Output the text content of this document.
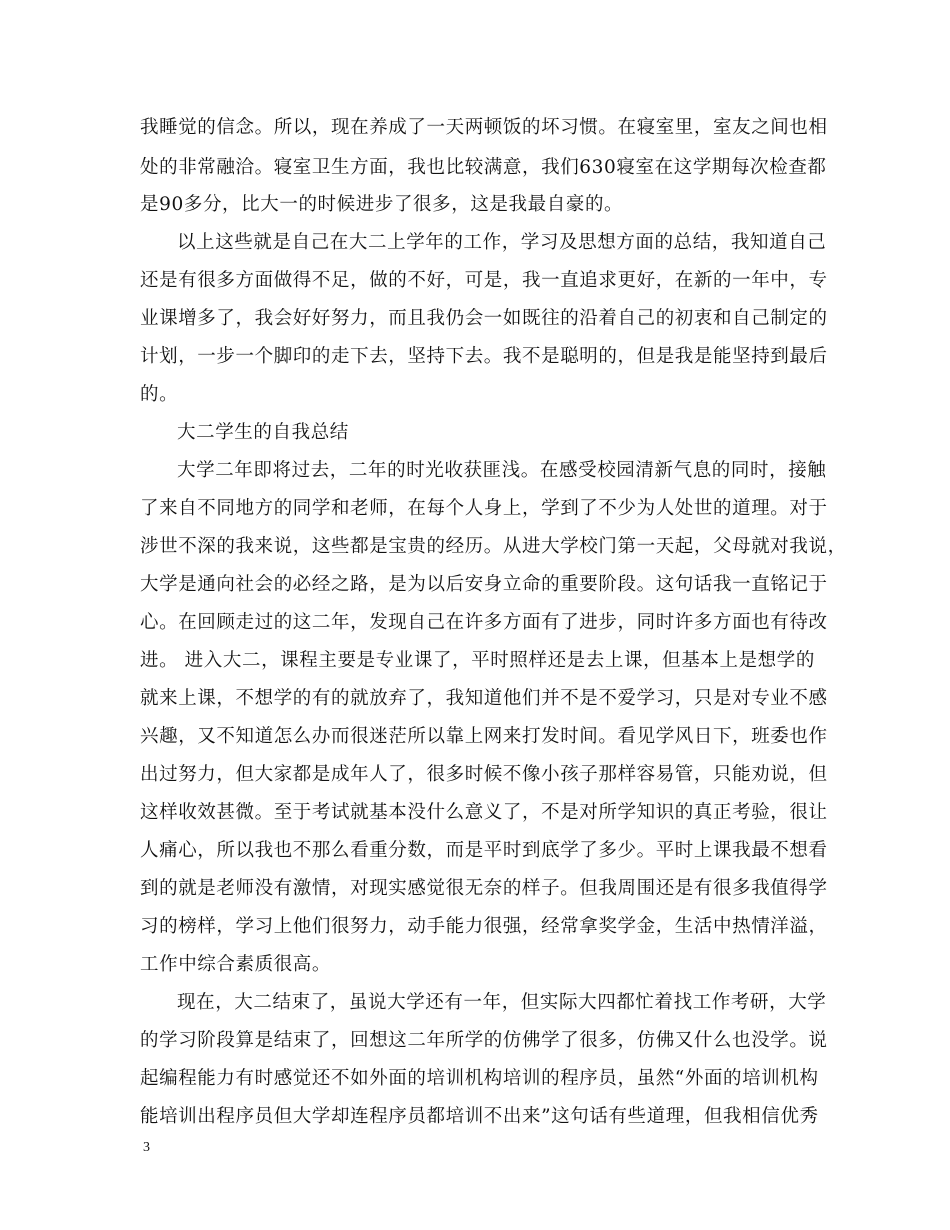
我睡觉的信念。所以，现在养成了一天两顿饭的坏习惯。在寝室里，室友之间也相
处的非常融洽。寝室卫生方面，我也比较满意，我们630寝室在这学期每次检查都
是90多分，比大一的时候进步了很多，这是我最自豪的。
以上这些就是自己在大二上学年的工作，学习及思想方面的总结，我知道自己
还是有很多方面做得不足，做的不好，可是，我一直追求更好，在新的一年中，专
业课增多了，我会好好努力，而且我仍会一如既往的沿着自己的初衷和自己制定的
计划，一步一个脚印的走下去，坚持下去。我不是聪明的，但是我是能坚持到最后
的。
大二学生的自我总结
大学二年即将过去，二年的时光收获匪浅。在感受校园清新气息的同时，接触
了来自不同地方的同学和老师，在每个人身上，学到了不少为人处世的道理。对于
涉世不深的我来说，这些都是宝贵的经历。从进大学校门第一天起，父母就对我说，
大学是通向社会的必经之路，是为以后安身立命的重要阶段。这句话我一直铭记于
心。在回顾走过的这二年，发现自己在许多方面有了进步，同时许多方面也有待改
进。 进入大二，课程主要是专业课了，平时照样还是去上课，但基本上是想学的
就来上课，不想学的有的就放弃了，我知道他们并不是不爱学习，只是对专业不感
兴趣，又不知道怎么办而很迷茫所以靠上网来打发时间。看见学风日下，班委也作
出过努力，但大家都是成年人了，很多时候不像小孩子那样容易管，只能劝说，但
这样收效甚微。至于考试就基本没什么意义了，不是对所学知识的真正考验，很让
人痛心，所以我也不那么看重分数，而是平时到底学了多少。平时上课我最不想看
到的就是老师没有激情，对现实感觉很无奈的样子。但我周围还是有很多我值得学
习的榜样，学习上他们很努力，动手能力很强，经常拿奖学金，生活中热情洋溢，
工作中综合素质很高。
现在，大二结束了，虽说大学还有一年，但实际大四都忙着找工作考研，大学
的学习阶段算是结束了，回想这二年所学的仿佛学了很多，仿佛又什么也没学。说
起编程能力有时感觉还不如外面的培训机构培训的程序员，虽然“外面的培训机构
能培训出程序员但大学却连程序员都培训不出来”这句话有些道理，但我相信优秀
3
